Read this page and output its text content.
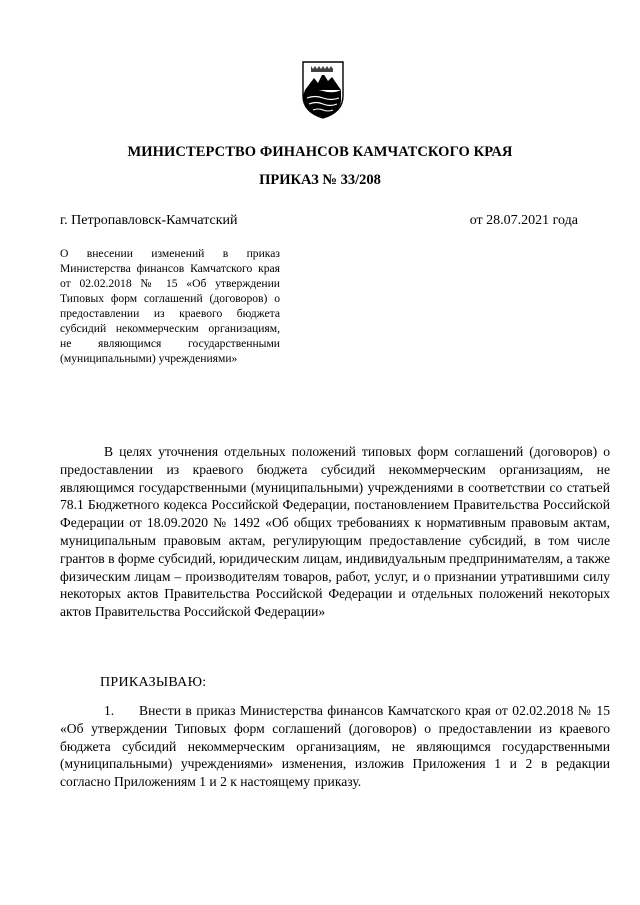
МИНИСТЕРСТВО ФИНАНСОВ КАМЧАТСКОГО КРАЯ
ПРИКАЗ № 33/208
г. Петропавловск-Камчатский	от 28.07.2021 года
О внесении изменений в приказ Министерства финансов Камчатского края от 02.02.2018 № 15 «Об утверждении Типовых форм соглашений (договоров) о предоставлении из краевого бюджета субсидий некоммерческим организациям, не являющимся государственными (муниципальными) учреждениями»
В целях уточнения отдельных положений типовых форм соглашений (договоров) о предоставлении из краевого бюджета субсидий некоммерческим организациям, не являющимся государственными (муниципальными) учреждениями в соответствии со статьей 78.1 Бюджетного кодекса Российской Федерации, постановлением Правительства Российской Федерации от 18.09.2020 № 1492 «Об общих требованиях к нормативным правовым актам, муниципальным правовым актам, регулирующим предоставление субсидий, в том числе грантов в форме субсидий, юридическим лицам, индивидуальным предпринимателям, а также физическим лицам – производителям товаров, работ, услуг, и о признании утратившими силу некоторых актов Правительства Российской Федерации и отдельных положений некоторых актов Правительства Российской Федерации»
ПРИКАЗЫВАЮ:
1. Внести в приказ Министерства финансов Камчатского края от 02.02.2018 № 15 «Об утверждении Типовых форм соглашений (договоров) о предоставлении из краевого бюджета субсидий некоммерческим организациям, не являющимся государственными (муниципальными) учреждениями» изменения, изложив Приложения 1 и 2 в редакции согласно Приложениям 1 и 2 к настоящему приказу.
